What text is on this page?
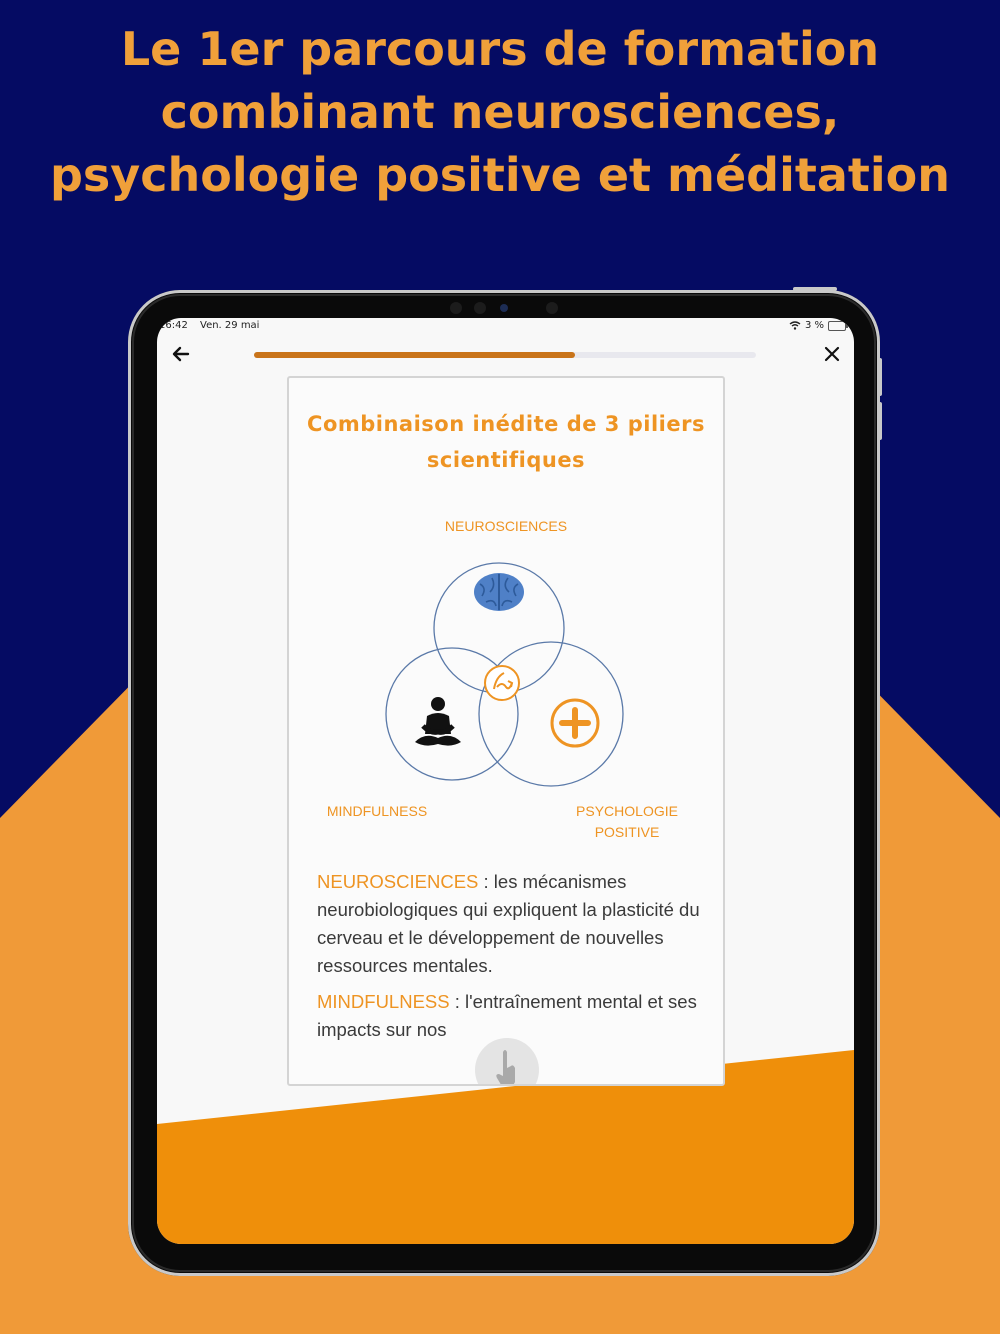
Le 1er parcours de formation combinant neurosciences, psychologie positive et méditation
16:42 Ven. 29 mai	3 %
Combinaison inédite de 3 piliers scientifiques
NEUROSCIENCES
MINDFULNESS	PSYCHOLOGIE
POSITIVE

NEUROSCIENCES : les mécanismes neurobiologiques qui expliquent la plasticité du cerveau et le développement de nouvelles ressources mentales.

MINDFULNESS : l'entraînement mental et ses impacts sur nos
